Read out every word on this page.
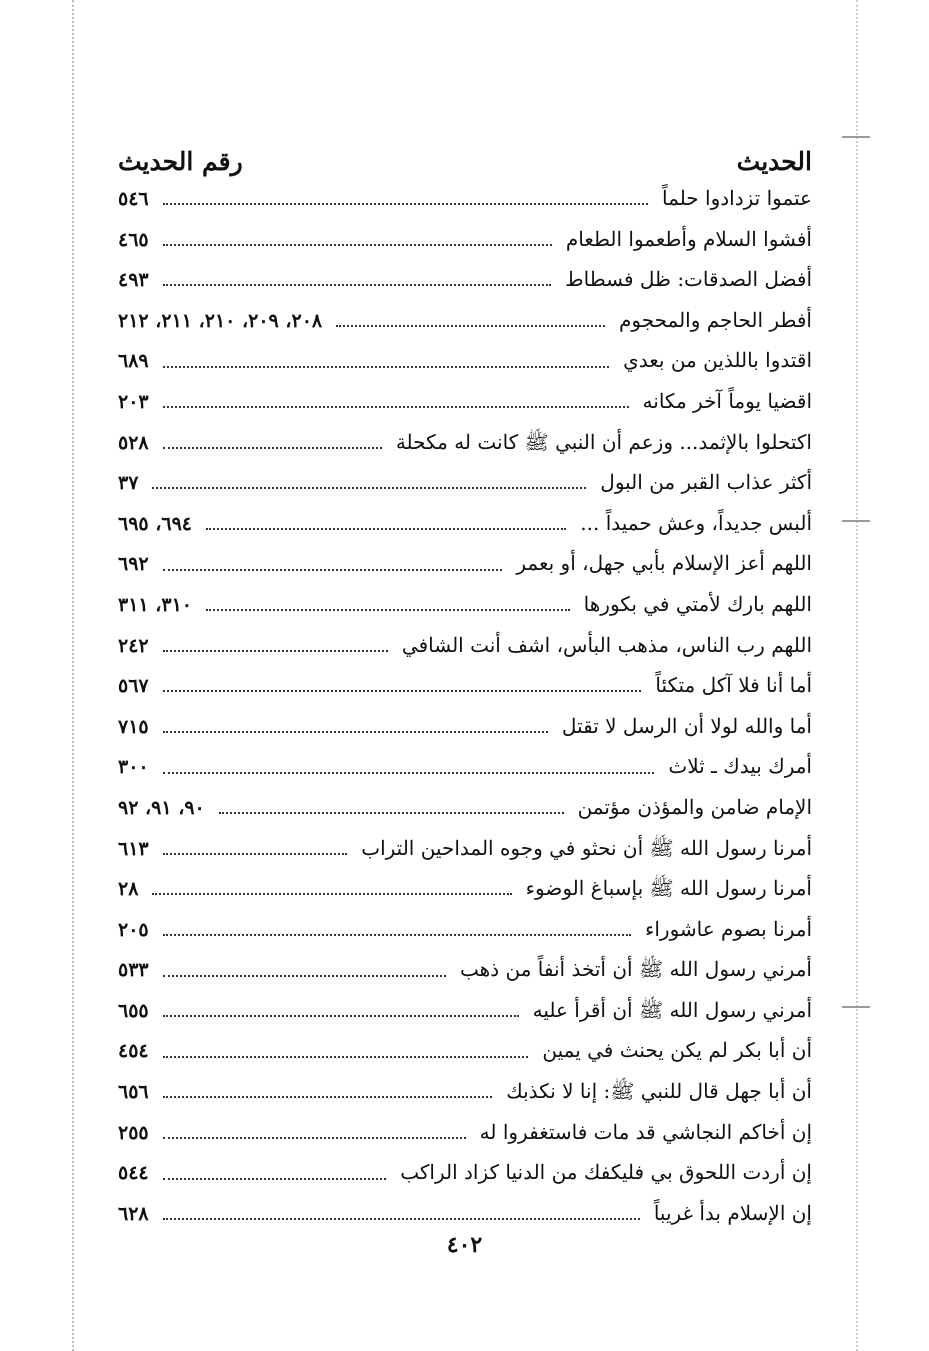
الحديث
رقم الحديث
عتموا تزدادوا حلماً
٥٤٦
أفشوا السلام وأطعموا الطعام
٤٦٥
أفضل الصدقات: ظل فسطاط
٤٩٣
أفطر الحاجم والمحجوم
٢٠٨، ٢٠٩، ٢١٠، ٢١١، ٢١٢
اقتدوا باللذين من بعدي
٦٨٩
اقضيا يوماً آخر مكانه
٢٠٣
اكتحلوا بالإثمد... وزعم أن النبي ﷺ كانت له مكحلة
٥٢٨
أكثر عذاب القبر من البول
٣٧
ألبس جديداً، وعش حميداً ...
٦٩٤، ٦٩٥
اللهم أعز الإسلام بأبي جهل، أو بعمر
٦٩٢
اللهم بارك لأمتي في بكورها
٣١٠، ٣١١
اللهم رب الناس، مذهب البأس، اشف أنت الشافي
٢٤٢
أما أنا فلا آكل متكئاً
٥٦٧
أما والله لولا أن الرسل لا تقتل
٧١٥
أمرك بيدك ـ ثلاث
٣٠٠
الإمام ضامن والمؤذن مؤتمن
٩٠، ٩١، ٩٢
أمرنا رسول الله ﷺ أن نحثو في وجوه المداحين التراب
٦١٣
أمرنا رسول الله ﷺ بإسباغ الوضوء
٢٨
أمرنا بصوم عاشوراء
٢٠٥
أمرني رسول الله ﷺ أن أتخذ أنفاً من ذهب
٥٣٣
أمرني رسول الله ﷺ أن أقرأ عليه
٦٥٥
أن أبا بكر لم يكن يحنث في يمين
٤٥٤
أن أبا جهل قال للنبي ﷺ: إنا لا نكذبك
٦٥٦
إن أخاكم النجاشي قد مات فاستغفروا له
٢٥٥
إن أردت اللحوق بي فليكفك من الدنيا كزاد الراكب
٥٤٤
إن الإسلام بدأ غريباً
٦٢٨
٤٠٢
